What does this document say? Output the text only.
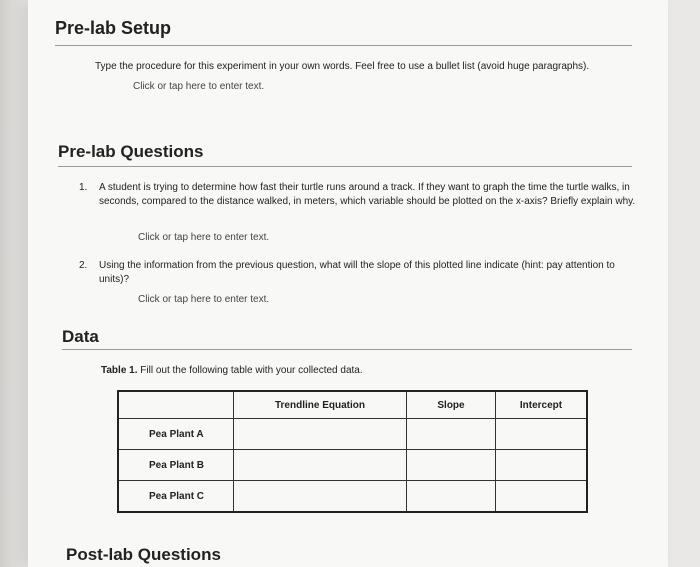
Pre-lab Setup
Type the procedure for this experiment in your own words. Feel free to use a bullet list (avoid huge paragraphs).
Click or tap here to enter text.
Pre-lab Questions
1. A student is trying to determine how fast their turtle runs around a track. If they want to graph the time the turtle walks, in seconds, compared to the distance walked, in meters, which variable should be plotted on the x-axis? Briefly explain why.
Click or tap here to enter text.
2. Using the information from the previous question, what will the slope of this plotted line indicate (hint: pay attention to units)?
Click or tap here to enter text.
Data
Table 1. Fill out the following table with your collected data.
	Trendline Equation	Slope	Intercept
Pea Plant A			
Pea Plant B			
Pea Plant C			
Post-lab Questions
